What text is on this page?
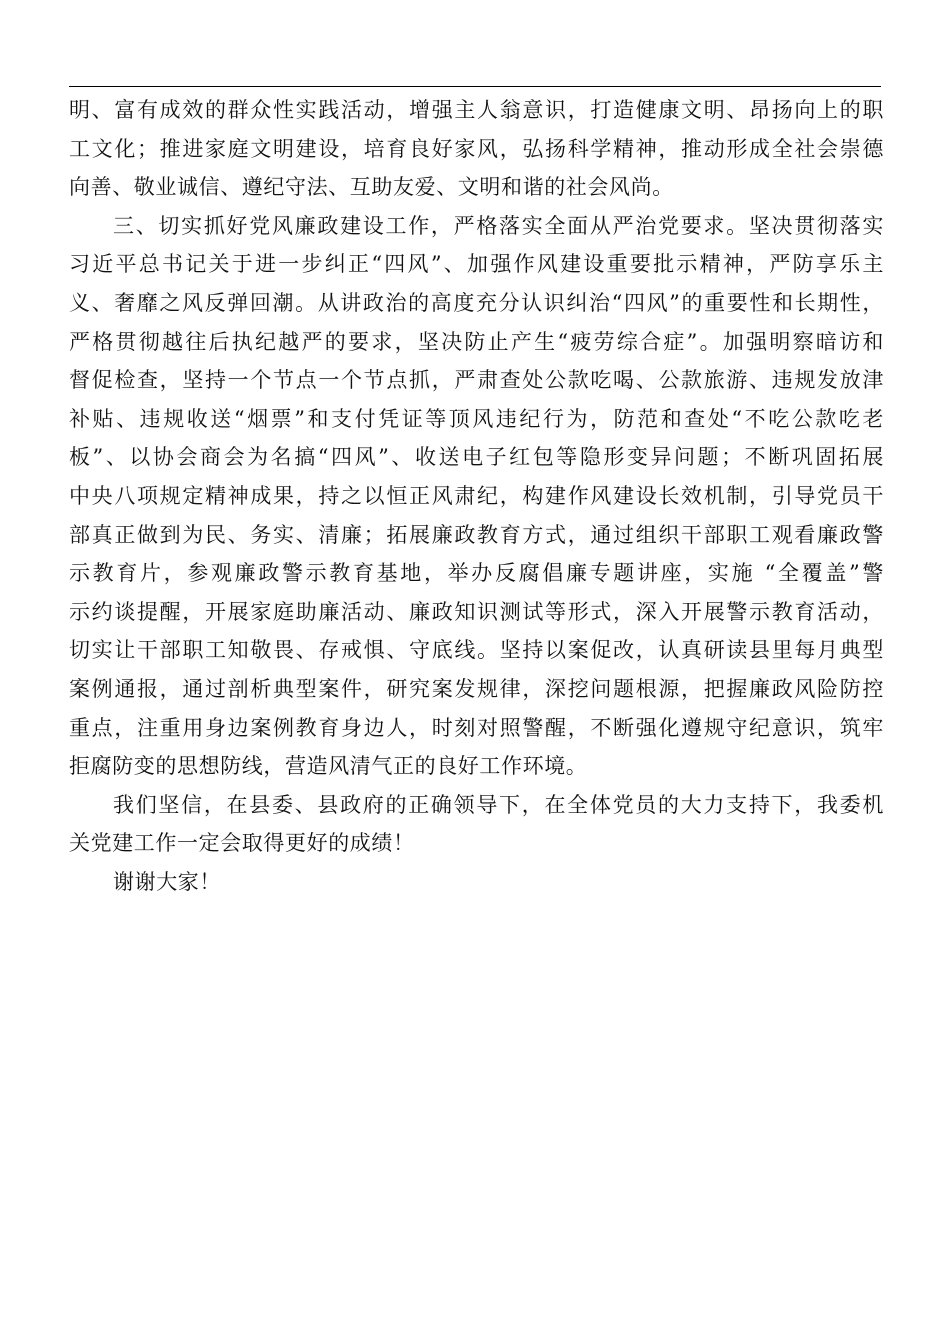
明、富有成效的群众性实践活动，增强主人翁意识，打造健康文明、昂扬向上的职
工文化；推进家庭文明建设，培育良好家风，弘扬科学精神，推动形成全社会崇德
向善、敬业诚信、遵纪守法、互助友爱、文明和谐的社会风尚。
三、切实抓好党风廉政建设工作，严格落实全面从严治党要求。坚决贯彻落实
习近平总书记关于进一步纠正“四风”、加强作风建设重要批示精神，严防享乐主
义、奢靡之风反弹回潮。从讲政治的高度充分认识纠治“四风”的重要性和长期性，
严格贯彻越往后执纪越严的要求，坚决防止产生“疲劳综合症”。加强明察暗访和
督促检查，坚持一个节点一个节点抓，严肃查处公款吃喝、公款旅游、违规发放津
补贴、违规收送“烟票”和支付凭证等顶风违纪行为，防范和查处“不吃公款吃老
板”、以协会商会为名搞“四风”、收送电子红包等隐形变异问题；不断巩固拓展
中央八项规定精神成果，持之以恒正风肃纪，构建作风建设长效机制，引导党员干
部真正做到为民、务实、清廉；拓展廉政教育方式，通过组织干部职工观看廉政警
示教育片，参观廉政警示教育基地，举办反腐倡廉专题讲座，实施 “全覆盖”警
示约谈提醒，开展家庭助廉活动、廉政知识测试等形式，深入开展警示教育活动，
切实让干部职工知敬畏、存戒惧、守底线。坚持以案促改，认真研读县里每月典型
案例通报，通过剖析典型案件，研究案发规律，深挖问题根源，把握廉政风险防控
重点，注重用身边案例教育身边人，时刻对照警醒，不断强化遵规守纪意识，筑牢
拒腐防变的思想防线，营造风清气正的良好工作环境。
我们坚信，在县委、县政府的正确领导下，在全体党员的大力支持下，我委机
关党建工作一定会取得更好的成绩！
谢谢大家！
